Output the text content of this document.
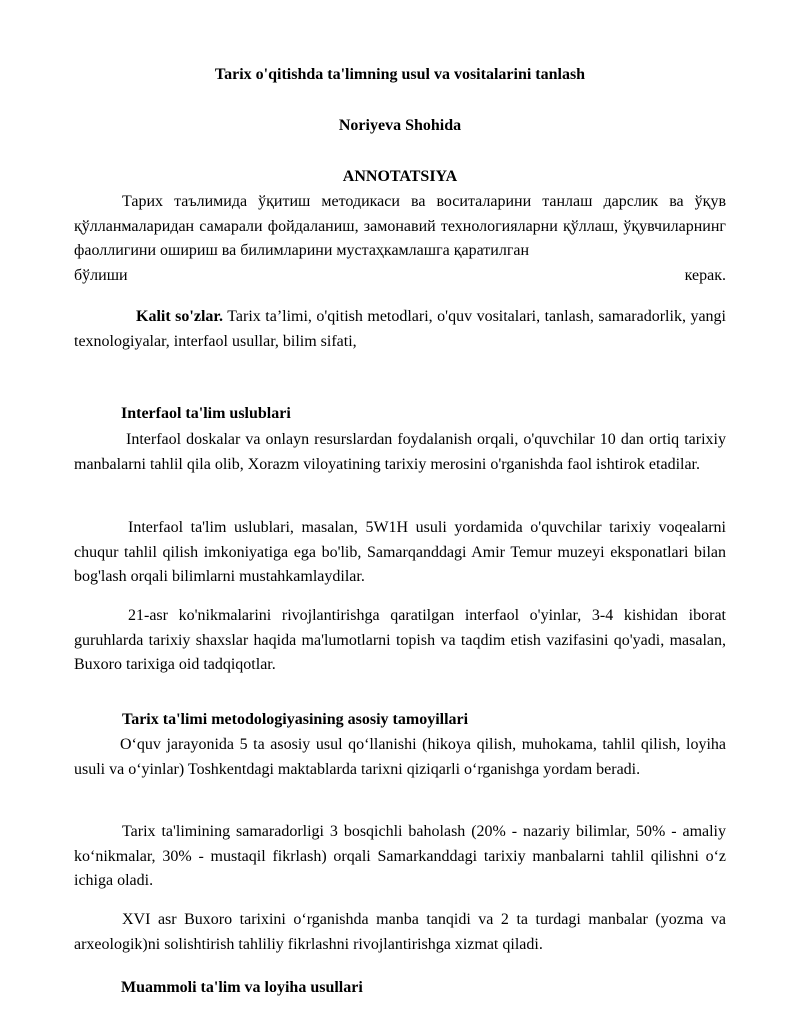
Tarix o'qitishda ta'limning usul va vositalarini tanlash
Noriyeva Shohida
ANNOTATSIYA
Тарих таълимида ўқитиш методикаси ва воситаларини танлаш дарслик ва ўқув қўлланмаларидан самарали фойдаланиш, замонавий технологияларни қўллаш, ўқувчиларнинг фаоллигини ошириш ва билимларини мустаҳкамлашга қаратилган
бўлиши	керак.
Kalit so'zlar. Tarix ta’limi, o'qitish metodlari, o'quv vositalari, tanlash, samaradorlik, yangi texnologiyalar, interfaol usullar, bilim sifati,
Interfaol ta'lim uslublari
Interfaol doskalar va onlayn resurslardan foydalanish orqali, o'quvchilar 10 dan ortiq tarixiy manbalarni tahlil qila olib, Xorazm viloyatining tarixiy merosini o'rganishda faol ishtirok etadilar.
Interfaol ta'lim uslublari, masalan, 5W1H usuli yordamida o'quvchilar tarixiy voqealarni chuqur tahlil qilish imkoniyatiga ega bo'lib, Samarqanddagi Amir Temur muzeyi eksponatlari bilan bog'lash orqali bilimlarni mustahkamlaydilar.
21-asr ko'nikmalarini rivojlantirishga qaratilgan interfaol o'yinlar, 3-4 kishidan iborat guruhlarda tarixiy shaxslar haqida ma'lumotlarni topish va taqdim etish vazifasini qo'yadi, masalan, Buxoro tarixiga oid tadqiqotlar.
Tarix ta'limi metodologiyasining asosiy tamoyillari
O‘quv jarayonida 5 ta asosiy usul qo‘llanishi (hikoya qilish, muhokama, tahlil qilish, loyiha usuli va o‘yinlar) Toshkentdagi maktablarda tarixni qiziqarli o‘rganishga yordam beradi.
Tarix ta'limining samaradorligi 3 bosqichli baholash (20% - nazariy bilimlar, 50% - amaliy ko‘nikmalar, 30% - mustaqil fikrlash) orqali Samarkanddagi tarixiy manbalarni tahlil qilishni o‘z ichiga oladi.
XVI asr Buxoro tarixini o‘rganishda manba tanqidi va 2 ta turdagi manbalar (yozma va arxeologik)ni solishtirish tahliliy fikrlashni rivojlantirishga xizmat qiladi.
Muammoli ta'lim va loyiha usullari
